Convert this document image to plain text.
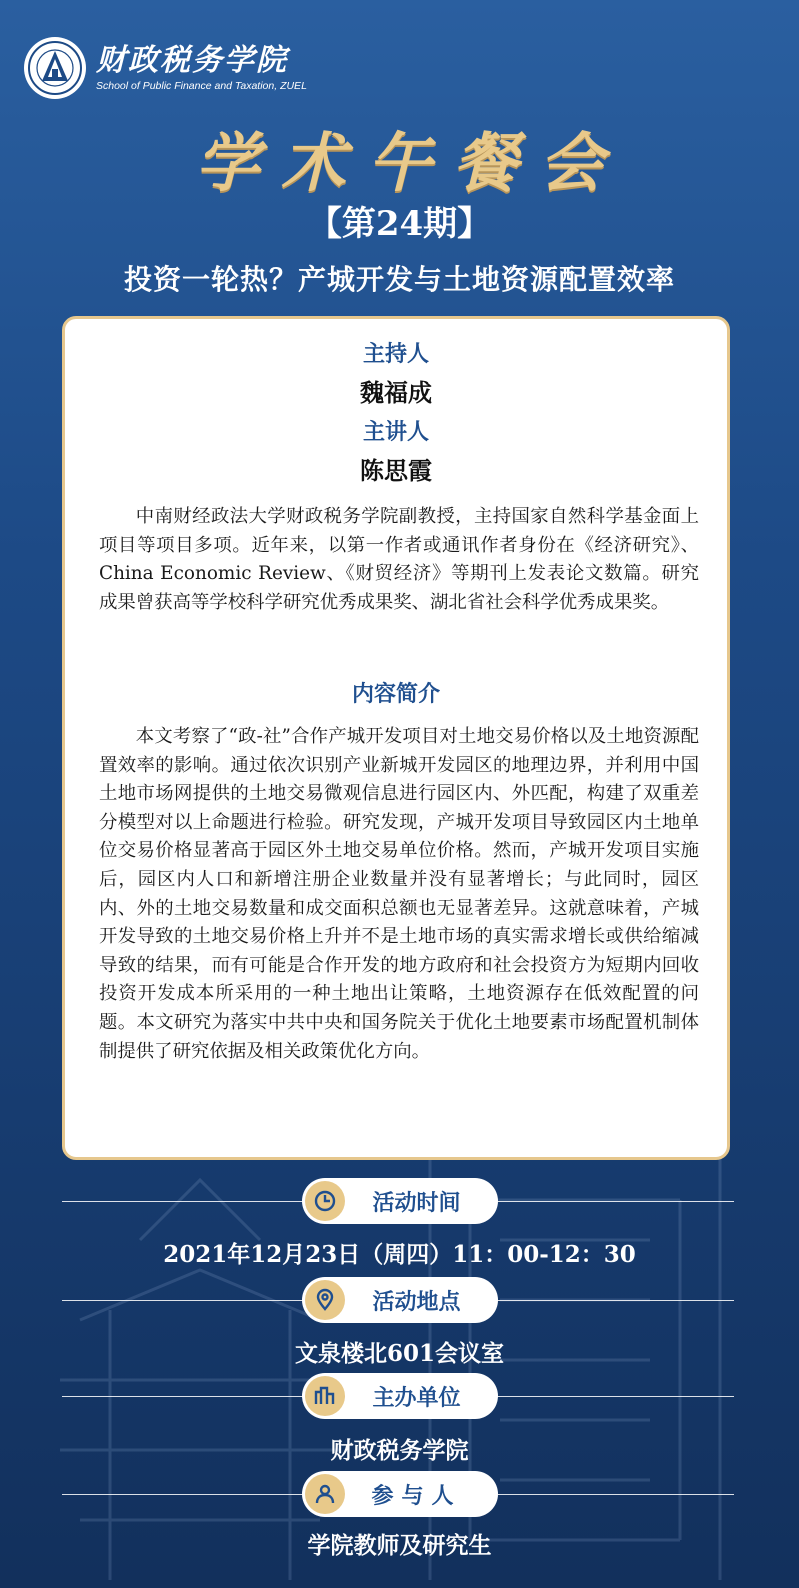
财政税务学院
School of Public Finance and Taxation, ZUEL
学术午餐会
【第24期】
投资一轮热？产城开发与土地资源配置效率
主持人
魏福成
主讲人
陈思霞

中南财经政法大学财政税务学院副教授，主持国家自然科学基金面上项目等项目多项。近年来，以第一作者或通讯作者身份在《经济研究》、China Economic Review、《财贸经济》等期刊上发表论文数篇。研究成果曾获高等学校科学研究优秀成果奖、湖北省社会科学优秀成果奖。

内容简介

本文考察了“政-社”合作产城开发项目对土地交易价格以及土地资源配置效率的影响。通过依次识别产业新城开发园区的地理边界，并利用中国土地市场网提供的土地交易微观信息进行园区内、外匹配，构建了双重差分模型对以上命题进行检验。研究发现，产城开发项目导致园区内土地单位交易价格显著高于园区外土地交易单位价格。然而，产城开发项目实施后，园区内人口和新增注册企业数量并没有显著增长；与此同时，园区内、外的土地交易数量和成交面积总额也无显著差异。这就意味着，产城开发导致的土地交易价格上升并不是土地市场的真实需求增长或供给缩减导致的结果，而有可能是合作开发的地方政府和社会投资方为短期内回收投资开发成本所采用的一种土地出让策略，土地资源存在低效配置的问题。本文研究为落实中共中央和国务院关于优化土地要素市场配置机制体制提供了研究依据及相关政策优化方向。

活动时间
2021年12月23日（周四）11：00-12：30
活动地点
文泉楼北601会议室
主办单位
财政税务学院
参与人
学院教师及研究生
